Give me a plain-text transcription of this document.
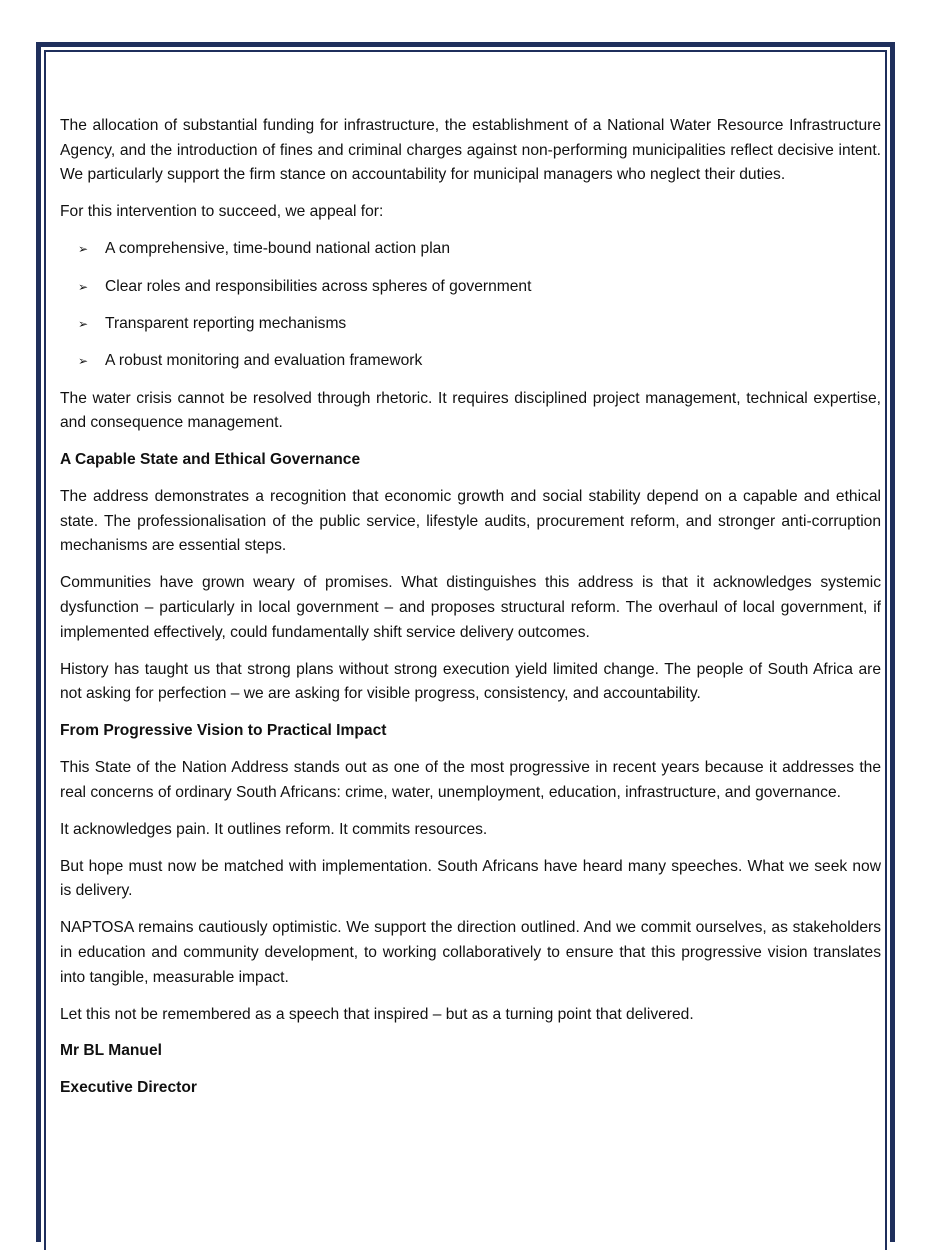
The allocation of substantial funding for infrastructure, the establishment of a National Water Resource Infrastructure Agency, and the introduction of fines and criminal charges against non-performing municipalities reflect decisive intent. We particularly support the firm stance on accountability for municipal managers who neglect their duties.

For this intervention to succeed, we appeal for:

➢ A comprehensive, time-bound national action plan
➢ Clear roles and responsibilities across spheres of government
➢ Transparent reporting mechanisms
➢ A robust monitoring and evaluation framework

The water crisis cannot be resolved through rhetoric. It requires disciplined project management, technical expertise, and consequence management.

A Capable State and Ethical Governance

The address demonstrates a recognition that economic growth and social stability depend on a capable and ethical state. The professionalisation of the public service, lifestyle audits, procurement reform, and stronger anti-corruption mechanisms are essential steps.

Communities have grown weary of promises. What distinguishes this address is that it acknowledges systemic dysfunction – particularly in local government – and proposes structural reform. The overhaul of local government, if implemented effectively, could fundamentally shift service delivery outcomes.

History has taught us that strong plans without strong execution yield limited change. The people of South Africa are not asking for perfection – we are asking for visible progress, consistency, and accountability.

From Progressive Vision to Practical Impact

This State of the Nation Address stands out as one of the most progressive in recent years because it addresses the real concerns of ordinary South Africans: crime, water, unemployment, education, infrastructure, and governance.

It acknowledges pain. It outlines reform. It commits resources.

But hope must now be matched with implementation. South Africans have heard many speeches. What we seek now is delivery.

NAPTOSA remains cautiously optimistic. We support the direction outlined. And we commit ourselves, as stakeholders in education and community development, to working collaboratively to ensure that this progressive vision translates into tangible, measurable impact.

Let this not be remembered as a speech that inspired – but as a turning point that delivered.

Mr BL Manuel

Executive Director
